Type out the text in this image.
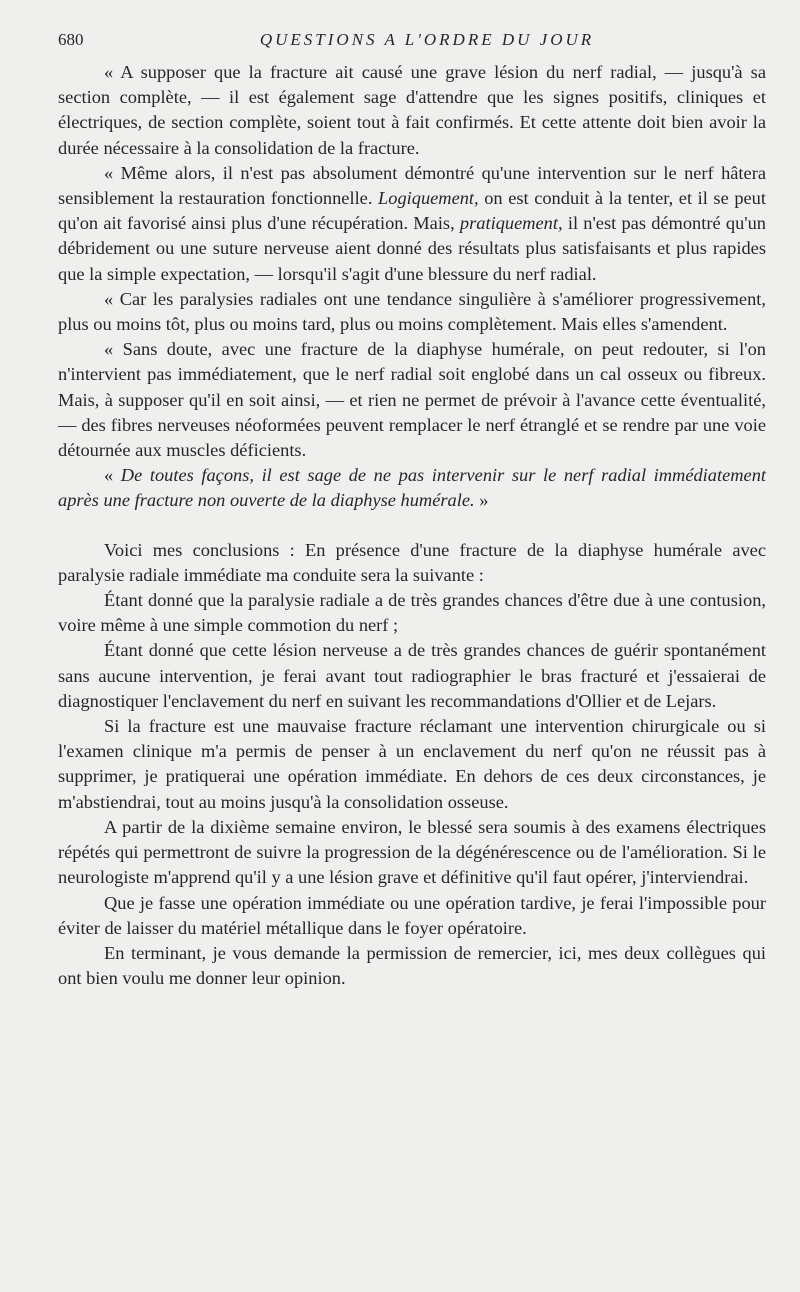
680	QUESTIONS A L'ORDRE DU JOUR

« A supposer que la fracture ait causé une grave lésion du nerf radial, — jusqu'à sa section complète, — il est également sage d'attendre que les signes positifs, cliniques et électriques, de section complète, soient tout à fait confirmés. Et cette attente doit bien avoir la durée nécessaire à la consolidation de la fracture.

« Même alors, il n'est pas absolument démontré qu'une intervention sur le nerf hâtera sensiblement la restauration fonctionnelle. Logiquement, on est conduit à la tenter, et il se peut qu'on ait favorisé ainsi plus d'une récupération. Mais, pratiquement, il n'est pas démontré qu'un débridement ou une suture nerveuse aient donné des résultats plus satisfaisants et plus rapides que la simple expectation, — lorsqu'il s'agit d'une blessure du nerf radial.

« Car les paralysies radiales ont une tendance singulière à s'améliorer progressivement, plus ou moins tôt, plus ou moins tard, plus ou moins complètement. Mais elles s'amendent.

« Sans doute, avec une fracture de la diaphyse humérale, on peut redouter, si l'on n'intervient pas immédiatement, que le nerf radial soit englobé dans un cal osseux ou fibreux. Mais, à supposer qu'il en soit ainsi, — et rien ne permet de prévoir à l'avance cette éventualité, — des fibres nerveuses néoformées peuvent remplacer le nerf étranglé et se rendre par une voie détournée aux muscles déficients.

« De toutes façons, il est sage de ne pas intervenir sur le nerf radial immédiatement après une fracture non ouverte de la diaphyse humérale. »

Voici mes conclusions : En présence d'une fracture de la diaphyse humérale avec paralysie radiale immédiate ma conduite sera la suivante :

Étant donné que la paralysie radiale a de très grandes chances d'être due à une contusion, voire même à une simple commotion du nerf ;

Étant donné que cette lésion nerveuse a de très grandes chances de guérir spontanément sans aucune intervention, je ferai avant tout radiographier le bras fracturé et j'essaierai de diagnostiquer l'enclavement du nerf en suivant les recommandations d'Ollier et de Lejars.

Si la fracture est une mauvaise fracture réclamant une intervention chirurgicale ou si l'examen clinique m'a permis de penser à un enclavement du nerf qu'on ne réussit pas à supprimer, je pratiquerai une opération immédiate. En dehors de ces deux circonstances, je m'abstiendrai, tout au moins jusqu'à la consolidation osseuse.

A partir de la dixième semaine environ, le blessé sera soumis à des examens électriques répétés qui permettront de suivre la progression de la dégénérescence ou de l'amélioration. Si le neurologiste m'apprend qu'il y a une lésion grave et définitive qu'il faut opérer, j'interviendrai.

Que je fasse une opération immédiate ou une opération tardive, je ferai l'impossible pour éviter de laisser du matériel métallique dans le foyer opératoire.

En terminant, je vous demande la permission de remercier, ici, mes deux collègues qui ont bien voulu me donner leur opinion.
